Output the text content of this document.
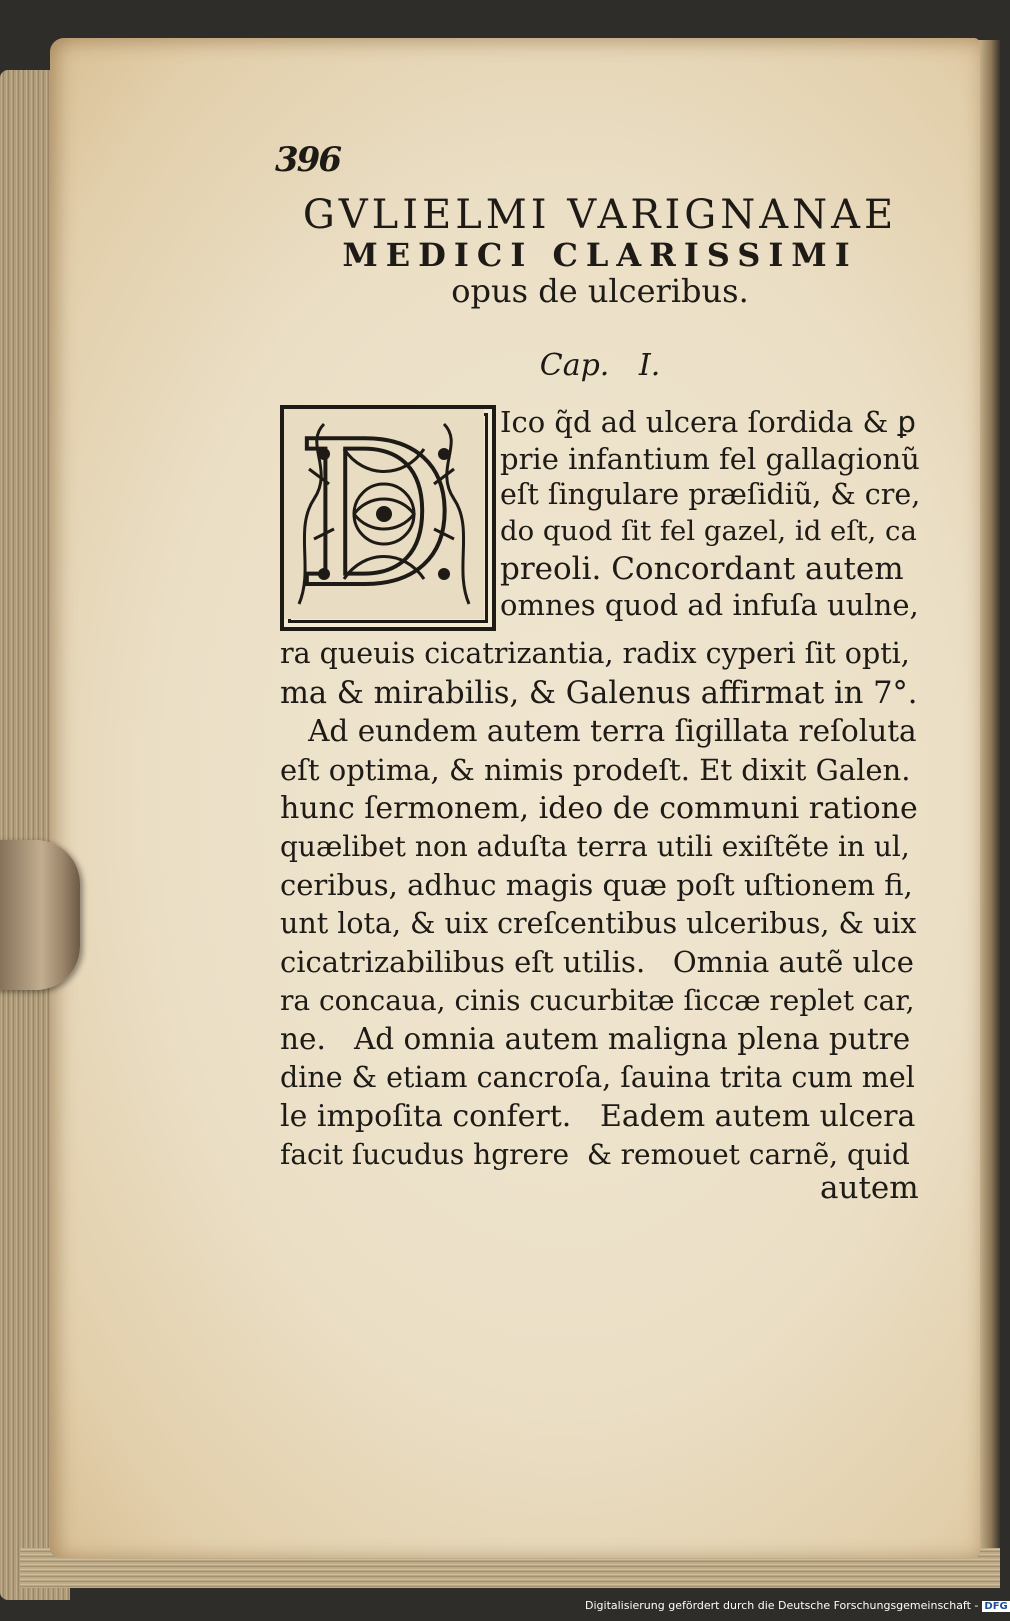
396
GVLIELMI VARIGNANAE
MEDICI CLARISSIMI
opus de ulceribus.
Cap. I.
D Ico q̃d ad ulcera ſordida & ꝑ
prie infantium fel gallagionũ
eſt ſingulare præſidiũ, & cre,
do quod ſit fel gazel, id eſt, ca
preoli. Concordant autem
omnes quod ad infuſa uulne,
ra queuis cicatrizantia, radix cyperi ſit opti,
ma & mirabilis, & Galenus affirmat in 7°.
Ad eundem autem terra ſigillata reſoluta
eſt optima, & nimis prodeſt. Et dixit Galen.
hunc ſermonem, ideo de communi ratione
quælibet non aduſta terra utili exiſtẽte in ul,
ceribus, adhuc magis quæ poſt uſtionem fi,
unt lota, & uix creſcentibus ulceribus, & uix
cicatrizabilibus eſt utilis.   Omnia autẽ ulce
ra concaua, cinis cucurbitæ ſiccæ replet car,
ne.   Ad omnia autem maligna plena putre
dine & etiam cancroſa, ſauina trita cum mel
le impoſita confert.   Eadem autem ulcera
facit ſucudus hgrere  & remouet carnẽ, quid
autem
Digitalisierung gefördert durch die Deutsche Forschungsgemeinschaft - DFG
